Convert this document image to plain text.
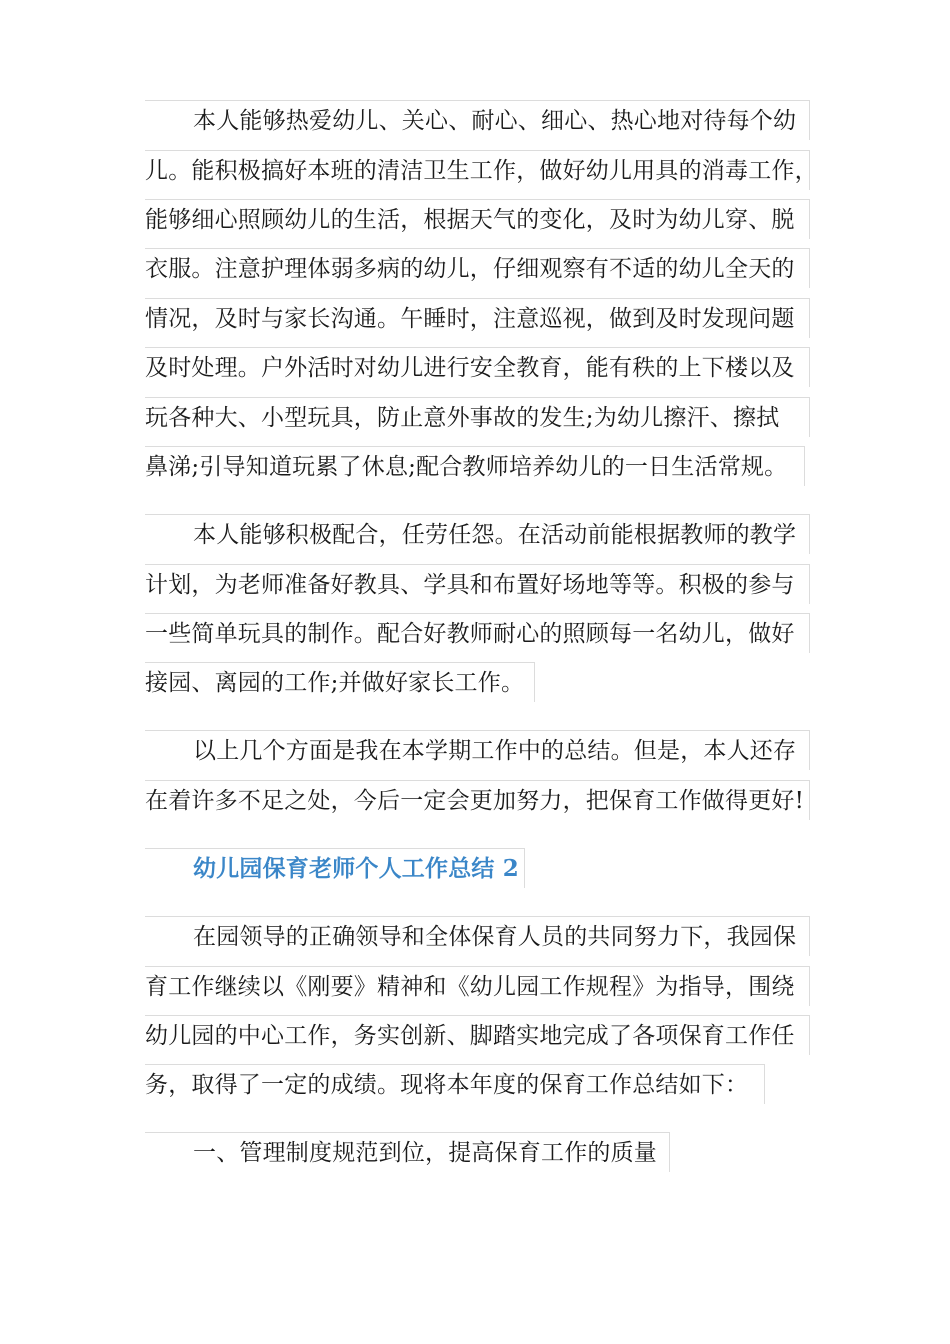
本人能够热爱幼儿、关心、耐心、细心、热心地对待每个幼
儿。能积极搞好本班的清洁卫生工作，做好幼儿用具的消毒工作，
能够细心照顾幼儿的生活，根据天气的变化，及时为幼儿穿、脱
衣服。注意护理体弱多病的幼儿，仔细观察有不适的幼儿全天的
情况，及时与家长沟通。午睡时，注意巡视，做到及时发现问题
及时处理。户外活时对幼儿进行安全教育，能有秩的上下楼以及
玩各种大、小型玩具，防止意外事故的发生;为幼儿擦汗、擦拭
鼻涕;引导知道玩累了休息;配合教师培养幼儿的一日生活常规。
本人能够积极配合，任劳任怨。在活动前能根据教师的教学
计划，为老师准备好教具、学具和布置好场地等等。积极的参与
一些简单玩具的制作。配合好教师耐心的照顾每一名幼儿，做好
接园、离园的工作;并做好家长工作。
以上几个方面是我在本学期工作中的总结。但是，本人还存
在着许多不足之处，今后一定会更加努力，把保育工作做得更好!
幼儿园保育老师个人工作总结 2
在园领导的正确领导和全体保育人员的共同努力下，我园保
育工作继续以《刚要》精神和《幼儿园工作规程》为指导，围绕
幼儿园的中心工作，务实创新、脚踏实地完成了各项保育工作任
务，取得了一定的成绩。现将本年度的保育工作总结如下：
一、管理制度规范到位，提高保育工作的质量
